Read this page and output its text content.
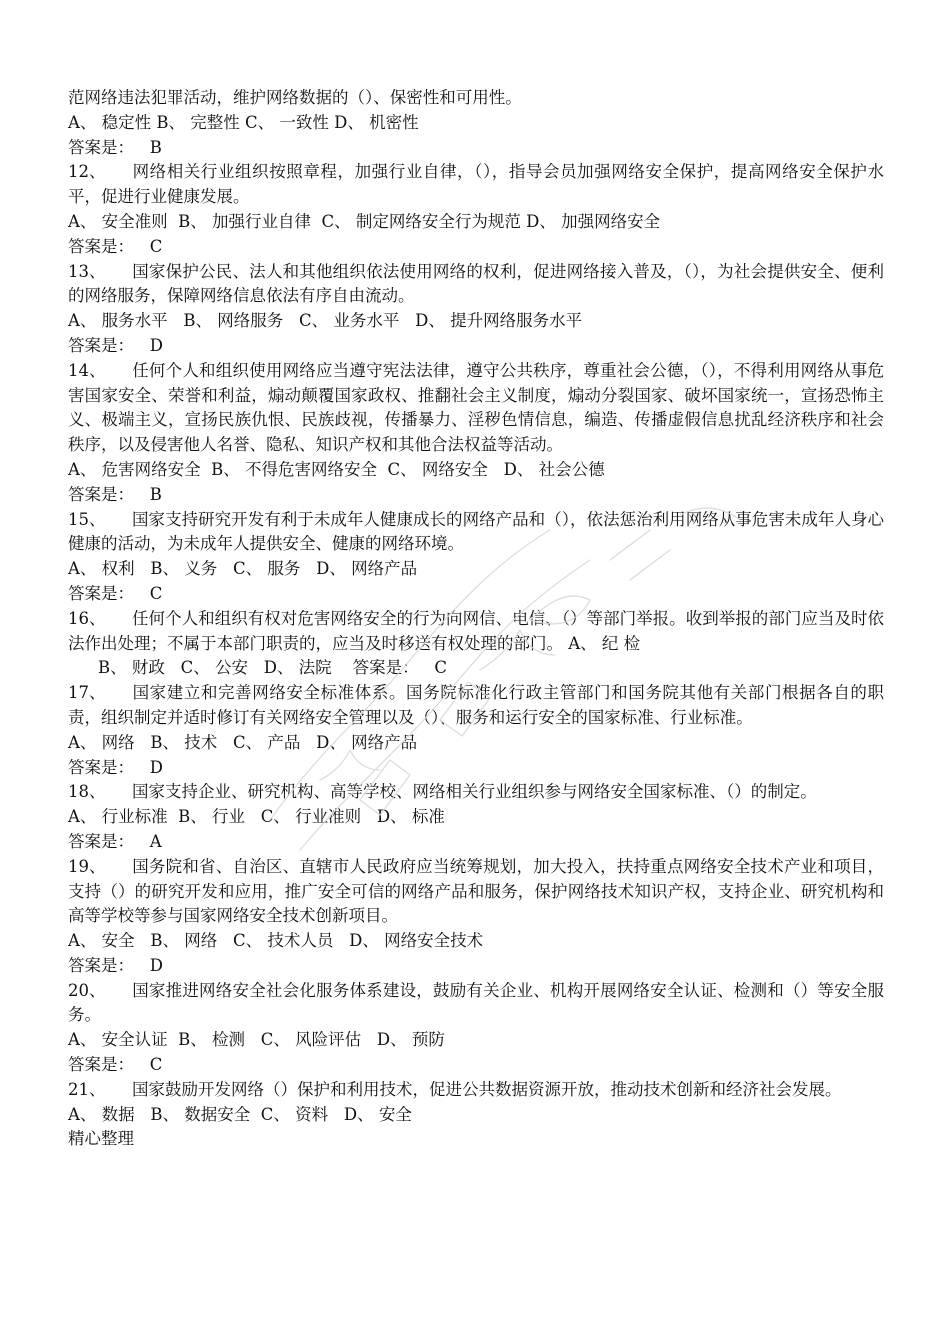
范网络违法犯罪活动，维护网络数据的（）、保密性和可用性。
A、 稳定性 B、 完整性 C、 一致性 D、 机密性
答案是：   B
12、 网络相关行业组织按照章程，加强行业自律，（），指导会员加强网络安全保护，提高网络安全保护水平，促进行业健康发展。
A、 安全准则  B、 加强行业自律  C、 制定网络安全行为规范 D、 加强网络安全
答案是：   C
13、 国家保护公民、法人和其他组织依法使用网络的权利，促进网络接入普及，（），为社会提供安全、便利的网络服务，保障网络信息依法有序自由流动。
A、 服务水平   B、 网络服务   C、 业务水平   D、 提升网络服务水平
答案是：   D
14、 任何个人和组织使用网络应当遵守宪法法律，遵守公共秩序，尊重社会公德，（），不得利用网络从事危害国家安全、荣誉和利益，煽动颠覆国家政权、推翻社会主义制度，煽动分裂国家、破坏国家统一，宣扬恐怖主义、极端主义，宣扬民族仇恨、民族歧视，传播暴力、淫秽色情信息，编造、传播虚假信息扰乱经济秩序和社会秩序，以及侵害他人名誉、隐私、知识产权和其他合法权益等活动。
A、 危害网络安全  B、 不得危害网络安全  C、 网络安全   D、 社会公德
答案是：   B
15、 国家支持研究开发有利于未成年人健康成长的网络产品和（），依法惩治利用网络从事危害未成年人身心健康的活动，为未成年人提供安全、健康的网络环境。
A、 权利   B、 义务   C、 服务   D、 网络产品
答案是：   C
16、 任何个人和组织有权对危害网络安全的行为向网信、电信、（）等部门举报。收到举报的部门应当及时依法作出处理；不属于本部门职责的，应当及时移送有权处理的部门。 A、 纪 检
B、 财政   C、 公安   D、 法院    答案是：   C
17、 国家建立和完善网络安全标准体系。国务院标准化行政主管部门和国务院其他有关部门根据各自的职责，组织制定并适时修订有关网络安全管理以及（）、服务和运行安全的国家标准、行业标准。
A、 网络   B、 技术   C、 产品   D、 网络产品
答案是：   D
18、 国家支持企业、研究机构、高等学校、网络相关行业组织参与网络安全国家标准、（）的制定。
A、 行业标准  B、 行业   C、 行业准则   D、 标准
答案是：   A
19、 国务院和省、自治区、直辖市人民政府应当统筹规划，加大投入，扶持重点网络安全技术产业和项目，支持（）的研究开发和应用，推广安全可信的网络产品和服务，保护网络技术知识产权，支持企业、研究机构和高等学校等参与国家网络安全技术创新项目。
A、 安全   B、 网络   C、 技术人员   D、 网络安全技术
答案是：   D
20、 国家推进网络安全社会化服务体系建设，鼓励有关企业、机构开展网络安全认证、检测和（）等安全服务。
A、 安全认证  B、 检测   C、 风险评估   D、 预防
答案是：   C
21、 国家鼓励开发网络（）保护和利用技术，促进公共数据资源开放，推动技术创新和经济社会发展。
A、 数据   B、 数据安全  C、 资料   D、 安全
精心整理
